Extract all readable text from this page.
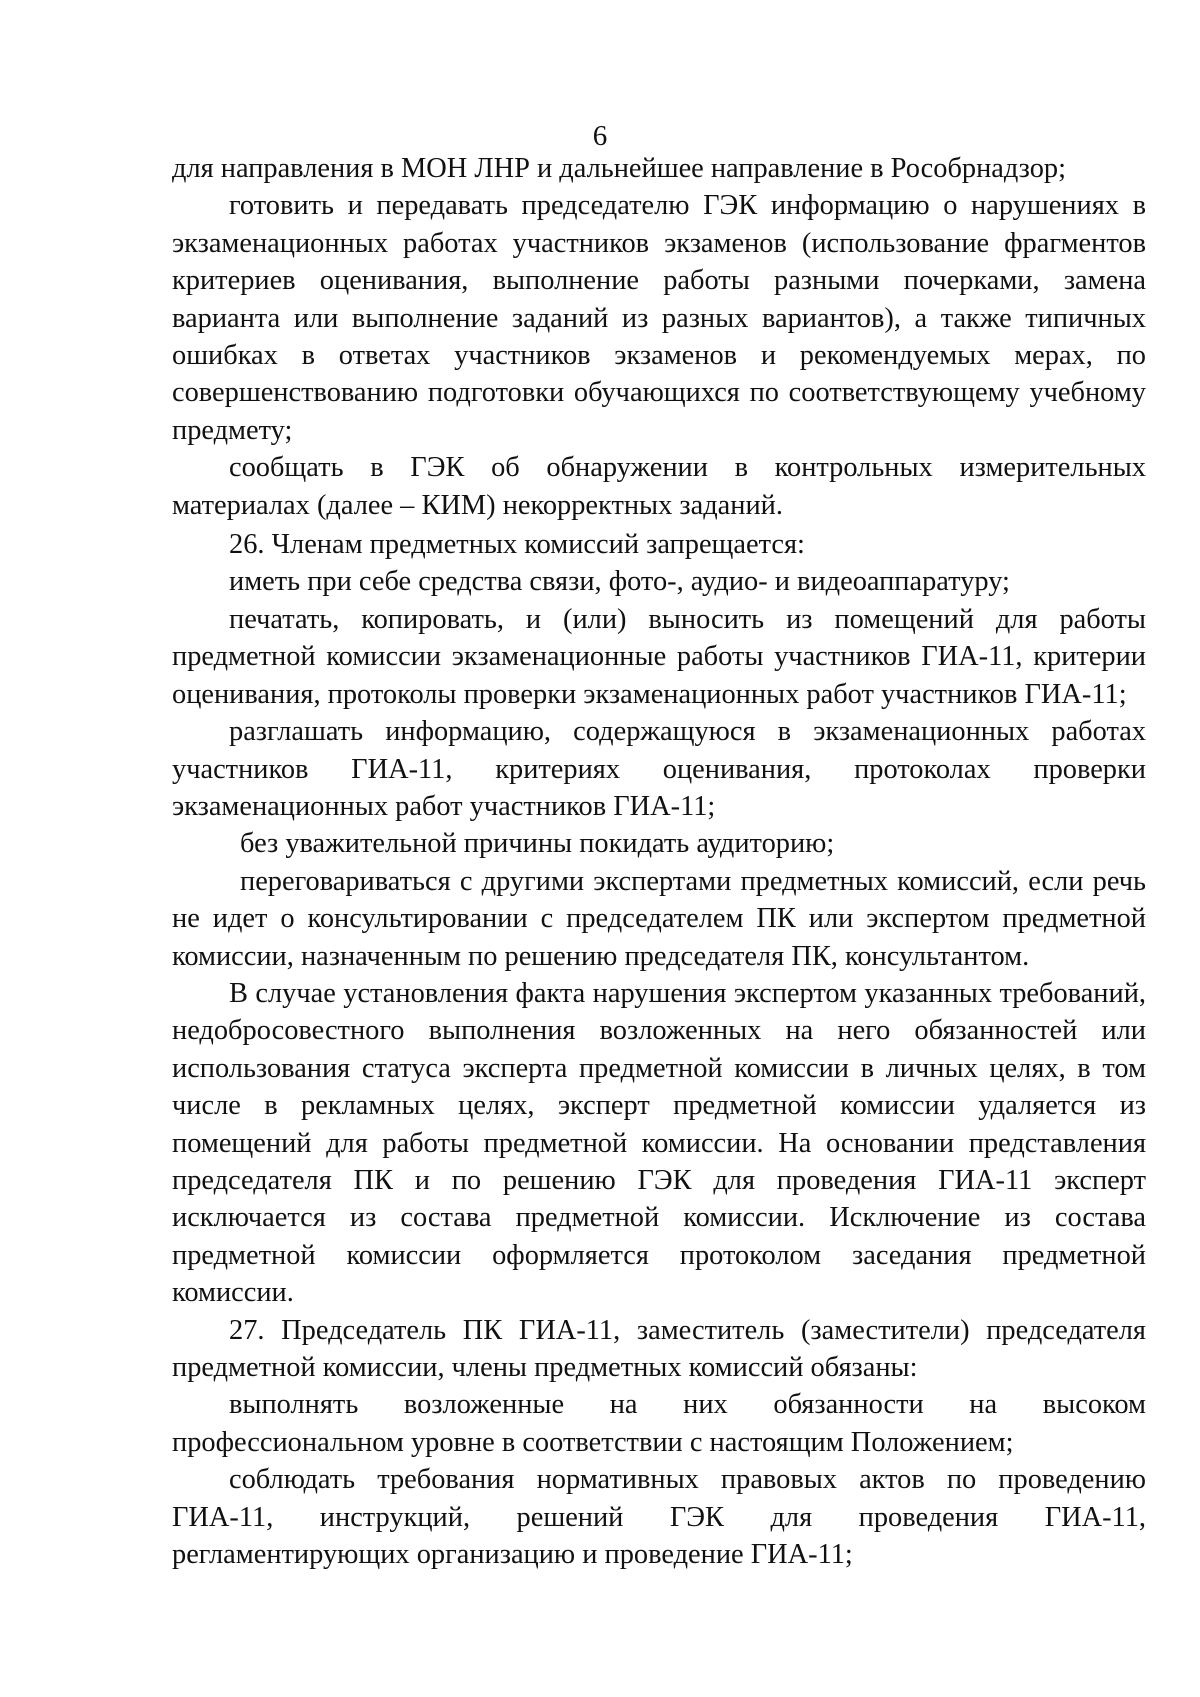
6

для направления в МОН ЛНР и дальнейшее направление в Рособрнадзор;

готовить и передавать председателю ГЭК информацию о нарушениях в экзаменационных работах участников экзаменов (использование фрагментов критериев оценивания, выполнение работы разными почерками, замена варианта или выполнение заданий из разных вариантов), а также типичных ошибках в ответах участников экзаменов и рекомендуемых мерах, по совершенствованию подготовки обучающихся по соответствующему учебному предмету;

сообщать в ГЭК об обнаружении в контрольных измерительных материалах (далее – КИМ) некорректных заданий.

26. Членам предметных комиссий запрещается:

иметь при себе средства связи, фото-, аудио- и видеоаппаратуру;

печатать, копировать, и (или) выносить из помещений для работы предметной комиссии экзаменационные работы участников ГИА-11, критерии оценивания, протоколы проверки экзаменационных работ участников ГИА-11;

разглашать информацию, содержащуюся в экзаменационных работах участников ГИА-11, критериях оценивания, протоколах проверки экзаменационных работ участников ГИА-11;

без уважительной причины покидать аудиторию;

переговариваться с другими экспертами предметных комиссий, если речь не идет о консультировании с председателем ПК или экспертом предметной комиссии, назначенным по решению председателя ПК, консультантом.

В случае установления факта нарушения экспертом указанных требований, недобросовестного выполнения возложенных на него обязанностей или использования статуса эксперта предметной комиссии в личных целях, в том числе в рекламных целях, эксперт предметной комиссии удаляется из помещений для работы предметной комиссии. На основании представления председателя ПК и по решению ГЭК для проведения ГИА-11 эксперт исключается из состава предметной комиссии. Исключение из состава предметной комиссии оформляется протоколом заседания предметной комиссии.

27. Председатель ПК ГИА-11, заместитель (заместители) председателя предметной комиссии, члены предметных комиссий обязаны:

выполнять возложенные на них обязанности на высоком профессиональном уровне в соответствии с настоящим Положением;

соблюдать требования нормативных правовых актов по проведению ГИА-11, инструкций, решений ГЭК для проведения ГИА-11, регламентирующих организацию и проведение ГИА-11;
